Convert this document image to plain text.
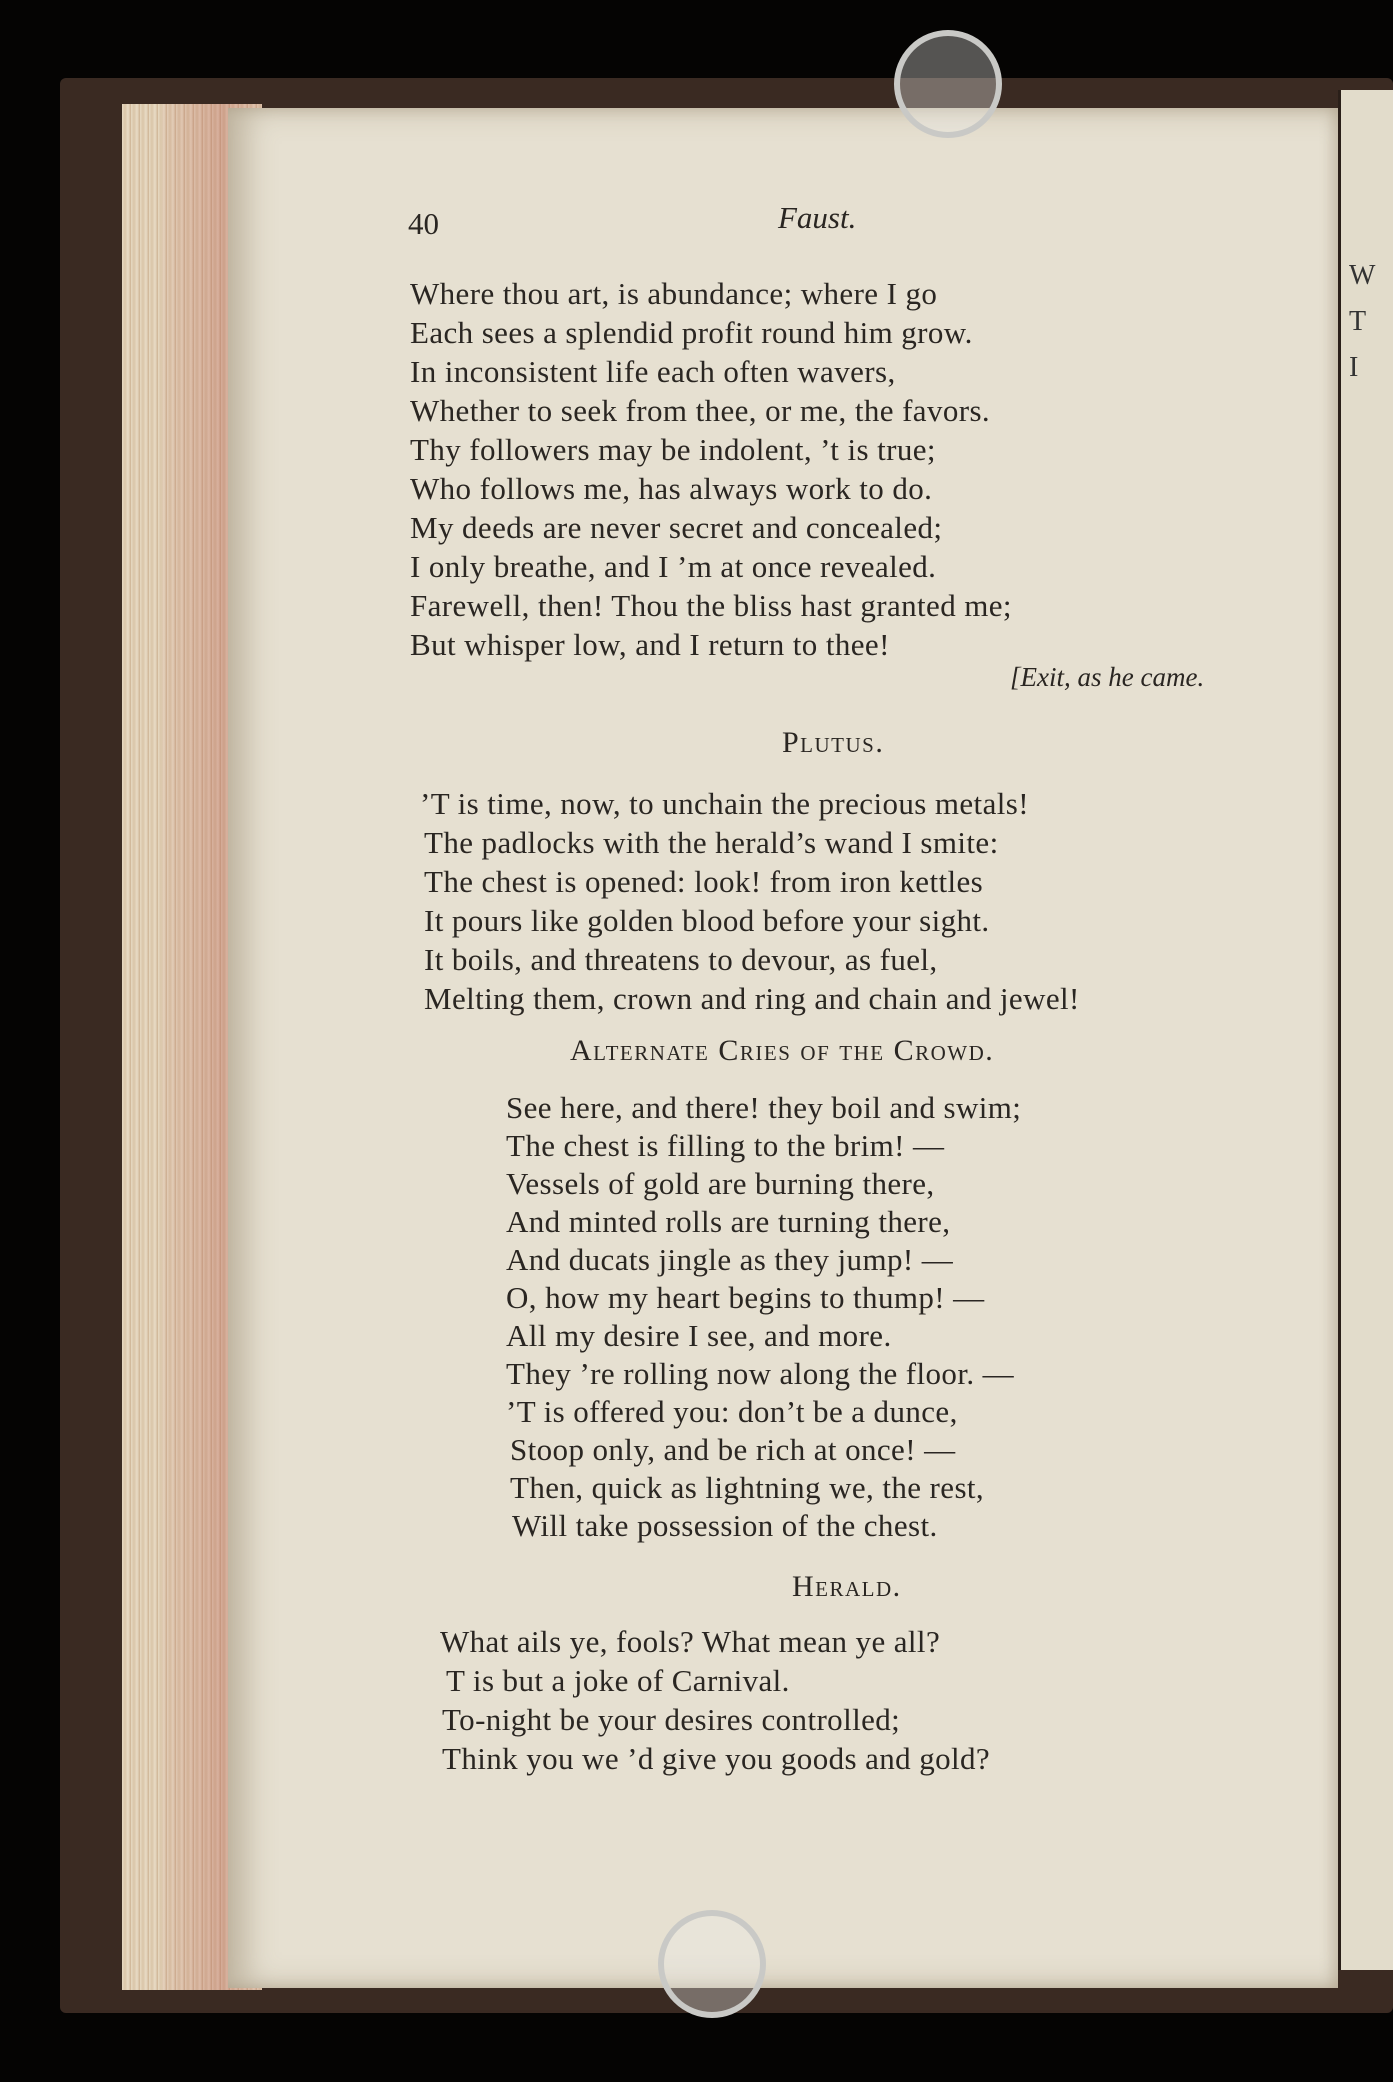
W
T
I
40	Faust.
Where thou art, is abundance; where I go
Each sees a splendid profit round him grow.
In inconsistent life each often wavers,
Whether to seek from thee, or me, the favors.
Thy followers may be indolent, ’t is true;
Who follows me, has always work to do.
My deeds are never secret and concealed;
I only breathe, and I ’m at once revealed.
Farewell, then! Thou the bliss hast granted me;
But whisper low, and I return to thee!
[Exit, as he came.
Plutus.
’T is time, now, to unchain the precious metals!
The padlocks with the herald’s wand I smite:
The chest is opened: look! from iron kettles
It pours like golden blood before your sight.
It boils, and threatens to devour, as fuel,
Melting them, crown and ring and chain and jewel!
Alternate Cries of the Crowd.
See here, and there! they boil and swim;
The chest is filling to the brim! —
Vessels of gold are burning there,
And minted rolls are turning there,
And ducats jingle as they jump! —
O, how my heart begins to thump! —
All my desire I see, and more.
They ’re rolling now along the floor. —
’T is offered you: don’t be a dunce,
Stoop only, and be rich at once! —
Then, quick as lightning we, the rest,
Will take possession of the chest.
Herald.
What ails ye, fools? What mean ye all?
T is but a joke of Carnival.
To-night be your desires controlled;
Think you we ’d give you goods and gold?
